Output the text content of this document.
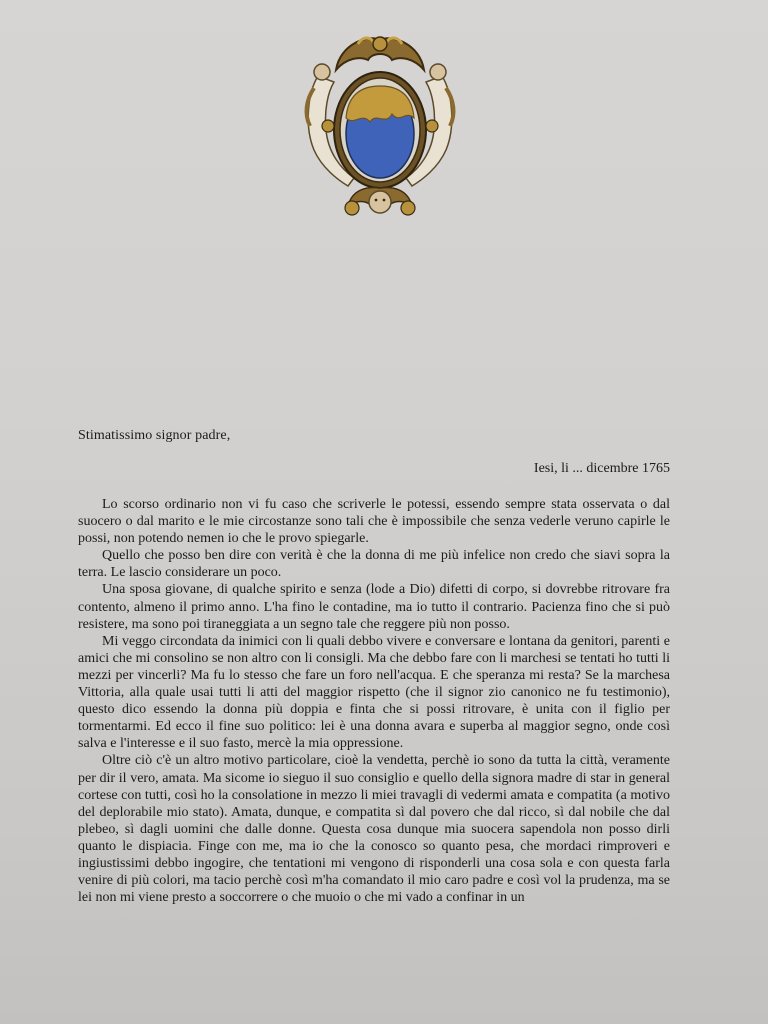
Stimatissimo signor padre,
Iesi, li ... dicembre 1765

Lo scorso ordinario non vi fu caso che scriverle le potessi, essendo sempre stata osservata o dal suocero o dal marito e le mie circostanze sono tali che è impossibile che senza vederle veruno capirle le possi, non potendo nemen io che le provo spiegarle.

Quello che posso ben dire con verità è che la donna di me più infelice non credo che siavi sopra la terra. Le lascio considerare un poco.

Una sposa giovane, di qualche spirito e senza (lode a Dio) difetti di corpo, si dovrebbe ritrovare fra contento, almeno il primo anno. L'ha fino le contadine, ma io tutto il contrario. Pacienza fino che si può resistere, ma sono poi tiraneggiata a un segno tale che reggere più non posso.

Mi veggo circondata da inimici con li quali debbo vivere e conversare e lontana da genitori, parenti e amici che mi consolino se non altro con li consigli. Ma che debbo fare con li marchesi se tentati ho tutti li mezzi per vincerli? Ma fu lo stesso che fare un foro nell'acqua. E che speranza mi resta? Se la marchesa Vittoria, alla quale usai tutti li atti del maggior rispetto (che il signor zio canonico ne fu testimonio), questo dico essendo la donna più doppia e finta che si possi ritrovare, è unita con il figlio per tormentarmi. Ed ecco il fine suo politico: lei è una donna avara e superba al maggior segno, onde così salva e l'interesse e il suo fasto, mercè la mia oppressione.

Oltre ciò c'è un altro motivo particolare, cioè la vendetta, perchè io sono da tutta la città, veramente per dir il vero, amata. Ma sicome io sieguo il suo consiglio e quello della signora madre di star in general cortese con tutti, così ho la consolatione in mezzo li miei travagli di vedermi amata e compatita (a motivo del deplorabile mio stato). Amata, dunque, e compatita sì dal povero che dal ricco, sì dal nobile che dal plebeo, sì dagli uomini che dalle donne. Questa cosa dunque mia suocera sapendola non posso dirli quanto le dispiacia. Finge con me, ma io che la conosco so quanto pesa, che mordaci rimproveri e ingiustissimi debbo ingogire, che tentationi mi vengono di risponderli una cosa sola e con questa farla venire di più colori, ma tacio perchè così m'ha comandato il mio caro padre e così vol la prudenza, ma se lei non mi viene presto a soccorrere o che muoio o che mi vado a confinar in un
